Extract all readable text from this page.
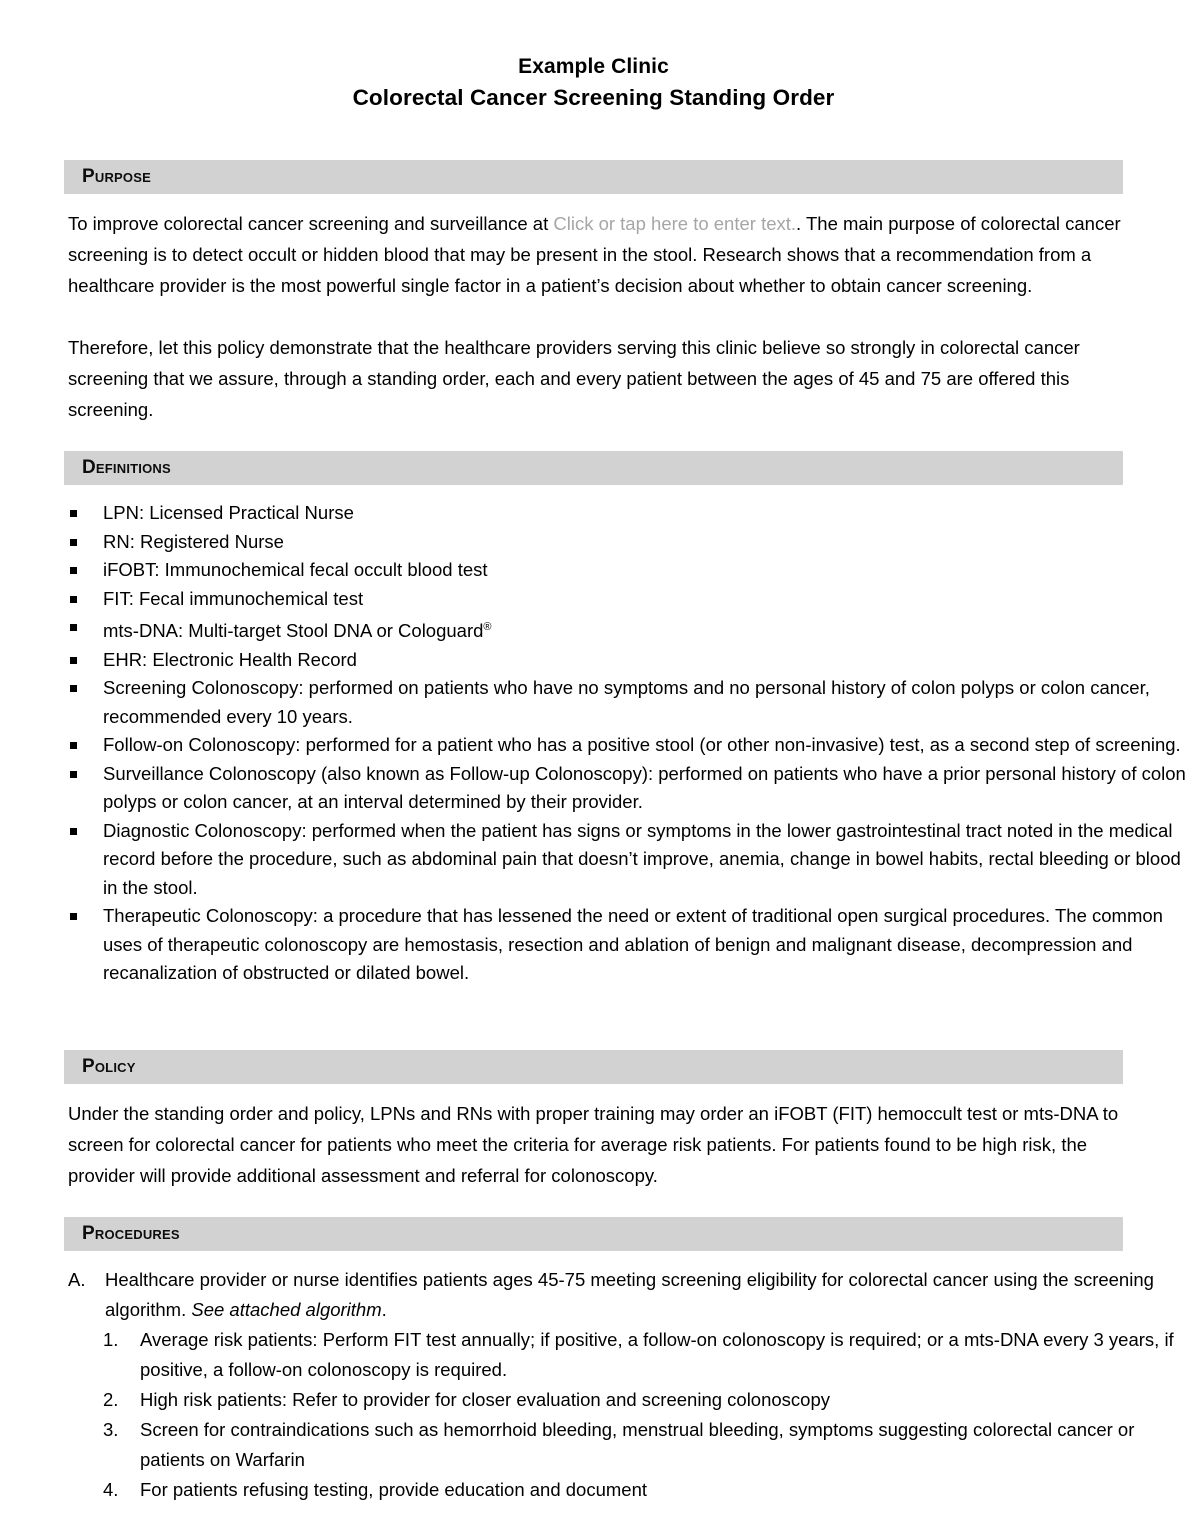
Example Clinic
Colorectal Cancer Screening Standing Order
Purpose

To improve colorectal cancer screening and surveillance at Click or tap here to enter text.. The main purpose of colorectal cancer screening is to detect occult or hidden blood that may be present in the stool. Research shows that a recommendation from a healthcare provider is the most powerful single factor in a patient’s decision about whether to obtain cancer screening.

Therefore, let this policy demonstrate that the healthcare providers serving this clinic believe so strongly in colorectal cancer screening that we assure, through a standing order, each and every patient between the ages of 45 and 75 are offered this screening.

Definitions
LPN: Licensed Practical Nurse
RN: Registered Nurse
iFOBT: Immunochemical fecal occult blood test
FIT: Fecal immunochemical test
mts-DNA: Multi-target Stool DNA or Cologuard®
EHR: Electronic Health Record
Screening Colonoscopy: performed on patients who have no symptoms and no personal history of colon polyps or colon cancer, recommended every 10 years.
Follow-on Colonoscopy: performed for a patient who has a positive stool (or other non-invasive) test, as a second step of screening.
Surveillance Colonoscopy (also known as Follow-up Colonoscopy): performed on patients who have a prior personal history of colon polyps or colon cancer, at an interval determined by their provider.
Diagnostic Colonoscopy: performed when the patient has signs or symptoms in the lower gastrointestinal tract noted in the medical record before the procedure, such as abdominal pain that doesn’t improve, anemia, change in bowel habits, rectal bleeding or blood in the stool.
Therapeutic Colonoscopy: a procedure that has lessened the need or extent of traditional open surgical procedures. The common uses of therapeutic colonoscopy are hemostasis, resection and ablation of benign and malignant disease, decompression and recanalization of obstructed or dilated bowel.
Policy

Under the standing order and policy, LPNs and RNs with proper training may order an iFOBT (FIT) hemoccult test or mts-DNA to screen for colorectal cancer for patients who meet the criteria for average risk patients. For patients found to be high risk, the provider will provide additional assessment and referral for colonoscopy.

Procedures
A. Healthcare provider or nurse identifies patients ages 45-75 meeting screening eligibility for colorectal cancer using the screening algorithm. See attached algorithm.
1. Average risk patients: Perform FIT test annually; if positive, a follow-on colonoscopy is required; or a mts-DNA every 3 years, if positive, a follow-on colonoscopy is required.
2. High risk patients: Refer to provider for closer evaluation and screening colonoscopy
3. Screen for contraindications such as hemorrhoid bleeding, menstrual bleeding, symptoms suggesting colorectal cancer or patients on Warfarin
4. For patients refusing testing, provide education and document
